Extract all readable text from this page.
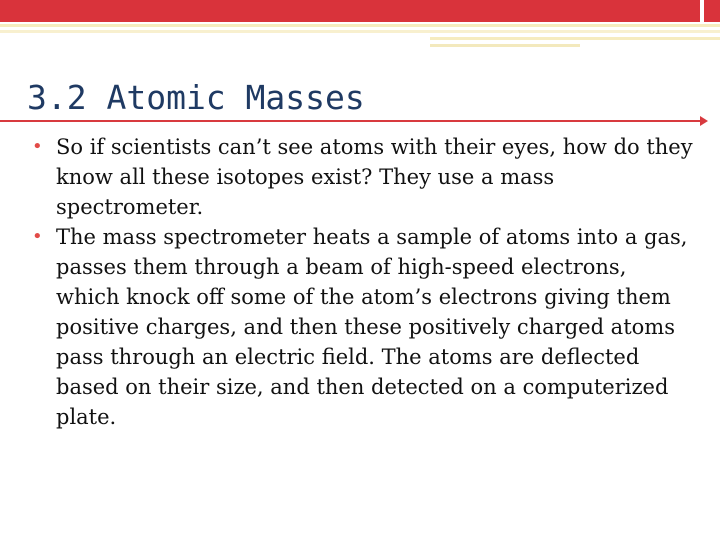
3.2 Atomic Masses
• So if scientists can’t see atoms with their eyes, how do they know all these isotopes exist? They use a mass spectrometer.
• The mass spectrometer heats a sample of atoms into a gas, passes them through a beam of high-speed electrons, which knock off some of the atom’s electrons giving them positive charges, and then these positively charged atoms pass through an electric field. The atoms are deflected based on their size, and then detected on a computerized plate.
